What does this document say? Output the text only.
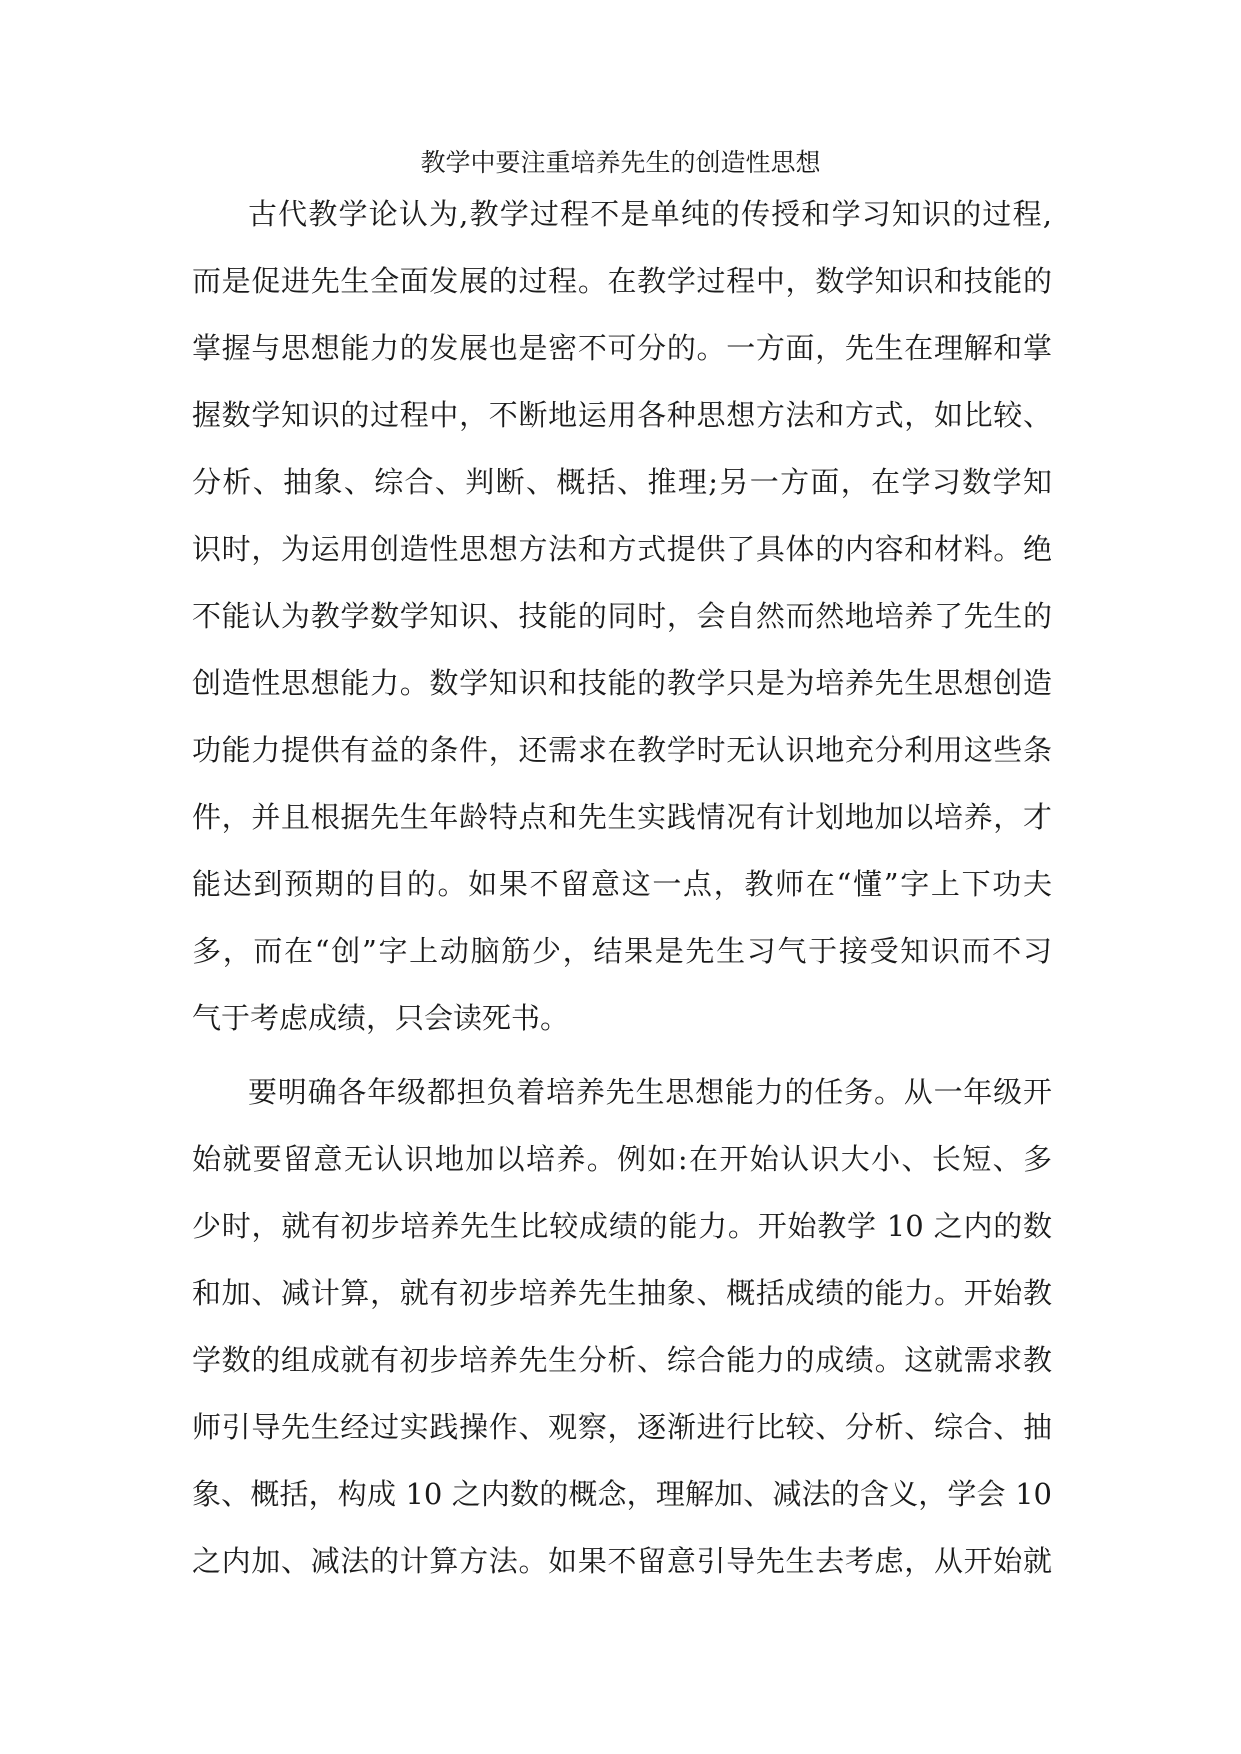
教学中要注重培养先生的创造性思想
古代教学论认为,教学过程不是单纯的传授和学习知识的过程,
而是促进先生全面发展的过程。在教学过程中，数学知识和技能的
掌握与思想能力的发展也是密不可分的。一方面，先生在理解和掌
握数学知识的过程中，不断地运用各种思想方法和方式，如比较、
分析、抽象、综合、判断、概括、推理;另一方面，在学习数学知
识时，为运用创造性思想方法和方式提供了具体的内容和材料。绝
不能认为教学数学知识、技能的同时，会自然而然地培养了先生的
创造性思想能力。数学知识和技能的教学只是为培养先生思想创造
功能力提供有益的条件，还需求在教学时无认识地充分利用这些条
件，并且根据先生年龄特点和先生实践情况有计划地加以培养，才
能达到预期的目的。如果不留意这一点，教师在“懂”字上下功夫
多，而在“创”字上动脑筋少，结果是先生习气于接受知识而不习
气于考虑成绩，只会读死书。
要明确各年级都担负着培养先生思想能力的任务。从一年级开
始就要留意无认识地加以培养。例如:在开始认识大小、长短、多
少时，就有初步培养先生比较成绩的能力。开始教学 10 之内的数
和加、减计算，就有初步培养先生抽象、概括成绩的能力。开始教
学数的组成就有初步培养先生分析、综合能力的成绩。这就需求教
师引导先生经过实践操作、观察，逐渐进行比较、分析、综合、抽
象、概括，构成 10 之内数的概念，理解加、减法的含义，学会 10
之内加、减法的计算方法。如果不留意引导先生去考虑，从开始就
